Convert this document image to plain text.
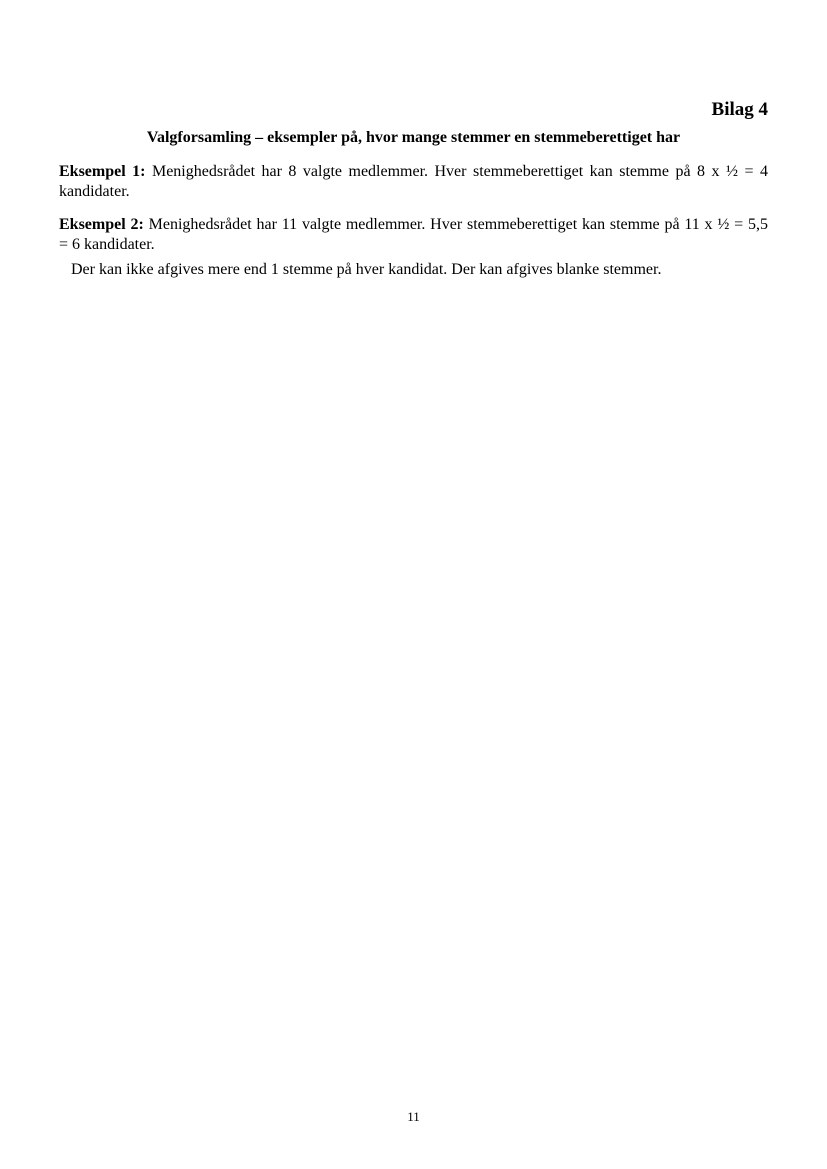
Bilag 4
Valgforsamling – eksempler på, hvor mange stemmer en stemmeberettiget har
Eksempel 1: Menighedsrådet har 8 valgte medlemmer. Hver stemmeberettiget kan stemme på 8 x ½ = 4 kandidater.
Eksempel 2: Menighedsrådet har 11 valgte medlemmer. Hver stemmeberettiget kan stemme på 11 x ½ = 5,5 = 6 kandidater.
Der kan ikke afgives mere end 1 stemme på hver kandidat. Der kan afgives blanke stemmer.
11
